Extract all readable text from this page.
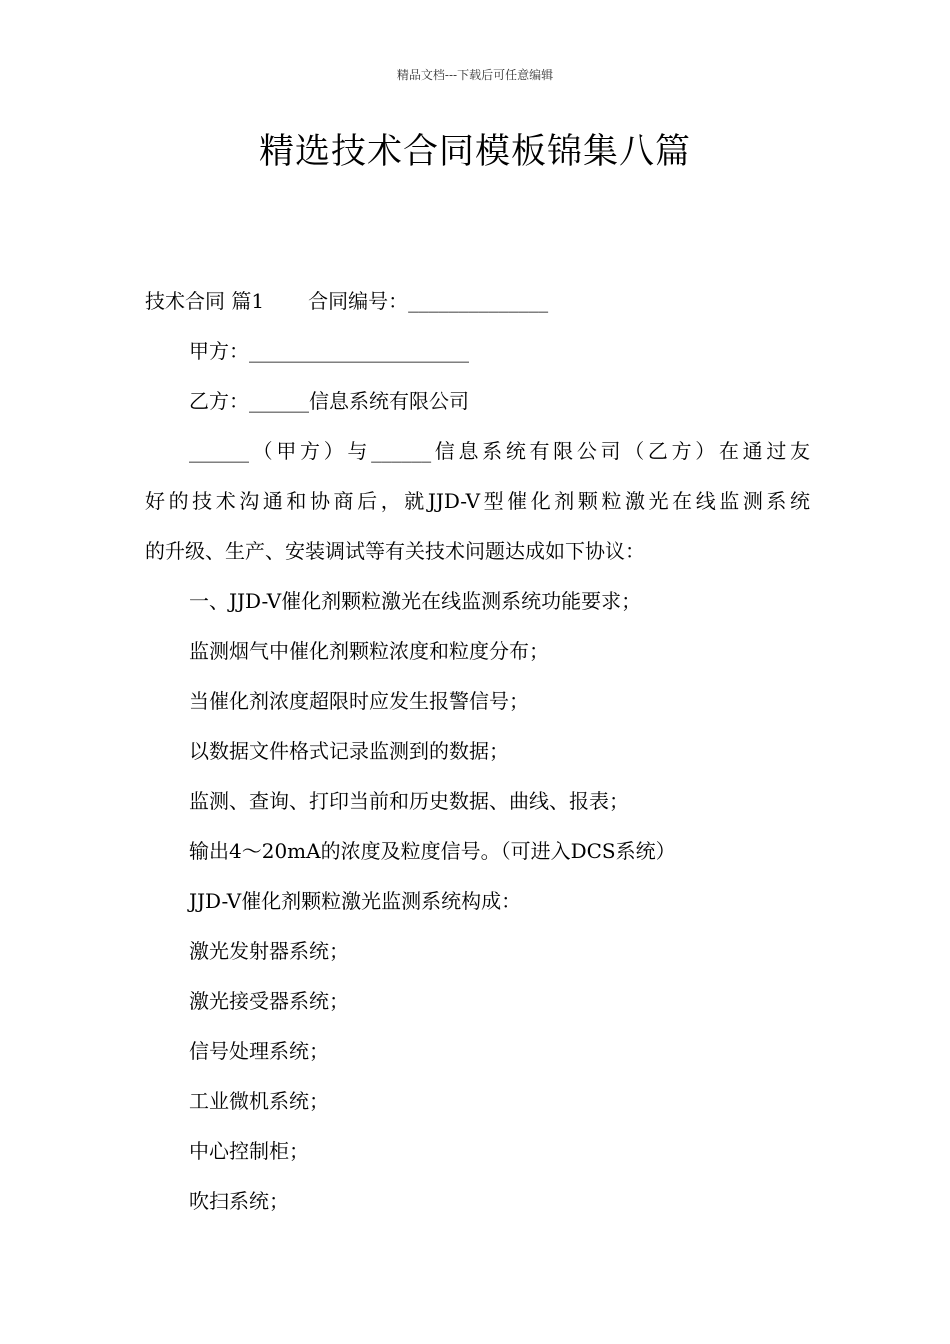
精品文档---下载后可任意编辑
精选技术合同模板锦集八篇

技术合同 篇1 合同编号：______________

甲方：______________________

乙方：______信息系统有限公司

______（甲方）与______信息系统有限公司（乙方）在通过友

好的技术沟通和协商后，就JJD-V型催化剂颗粒激光在线监测系统

的升级、生产、安装调试等有关技术问题达成如下协议：

一、JJD-V催化剂颗粒激光在线监测系统功能要求；

监测烟气中催化剂颗粒浓度和粒度分布；

当催化剂浓度超限时应发生报警信号；

以数据文件格式记录监测到的数据；

监测、查询、打印当前和历史数据、曲线、报表；

输出4～20mA的浓度及粒度信号。（可进入DCS系统）

JJD-V催化剂颗粒激光监测系统构成：

激光发射器系统；

激光接受器系统；

信号处理系统；

工业微机系统；

中心控制柜；

吹扫系统；
